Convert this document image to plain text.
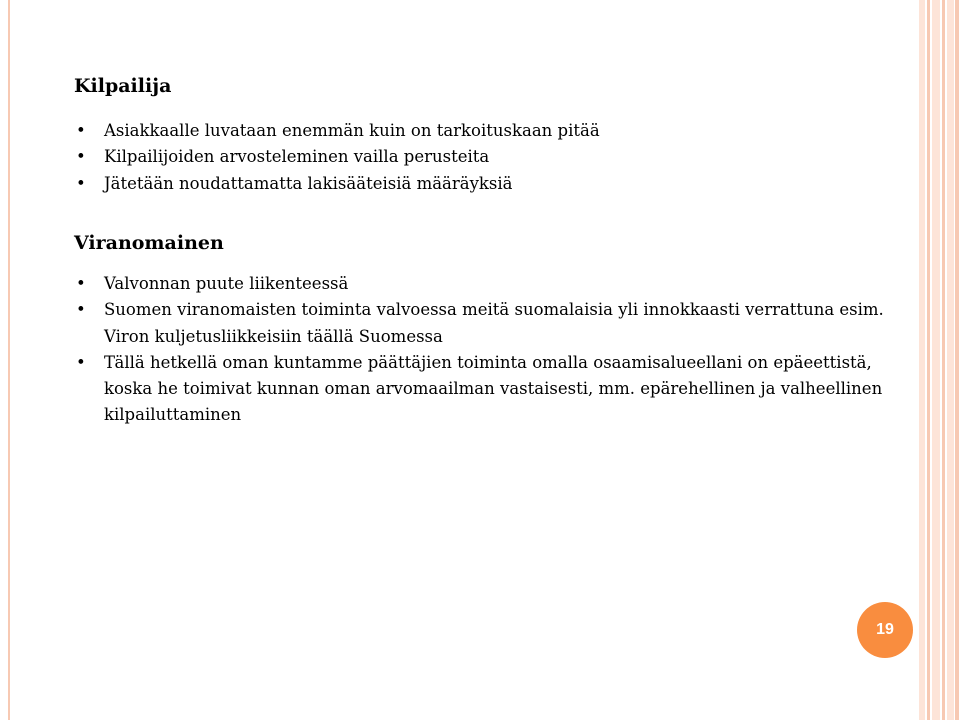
Kilpailija
• Asiakkaalle luvataan enemmän kuin on tarkoituskaan pitää
• Kilpailijoiden arvosteleminen vailla perusteita
• Jätetään noudattamatta lakisääteisiä määräyksiä
Viranomainen
• Valvonnan puute liikenteessä
• Suomen viranomaisten toiminta valvoessa meitä suomalaisia yli innokkaasti verrattuna esim. Viron kuljetusliikkeisiin täällä Suomessa
• Tällä hetkellä oman kuntamme päättäjien toiminta omalla osaamisalueellani on epäeettistä, koska he toimivat kunnan oman arvomaailman vastaisesti, mm. epärehellinen ja valheellinen kilpailuttaminen
19
